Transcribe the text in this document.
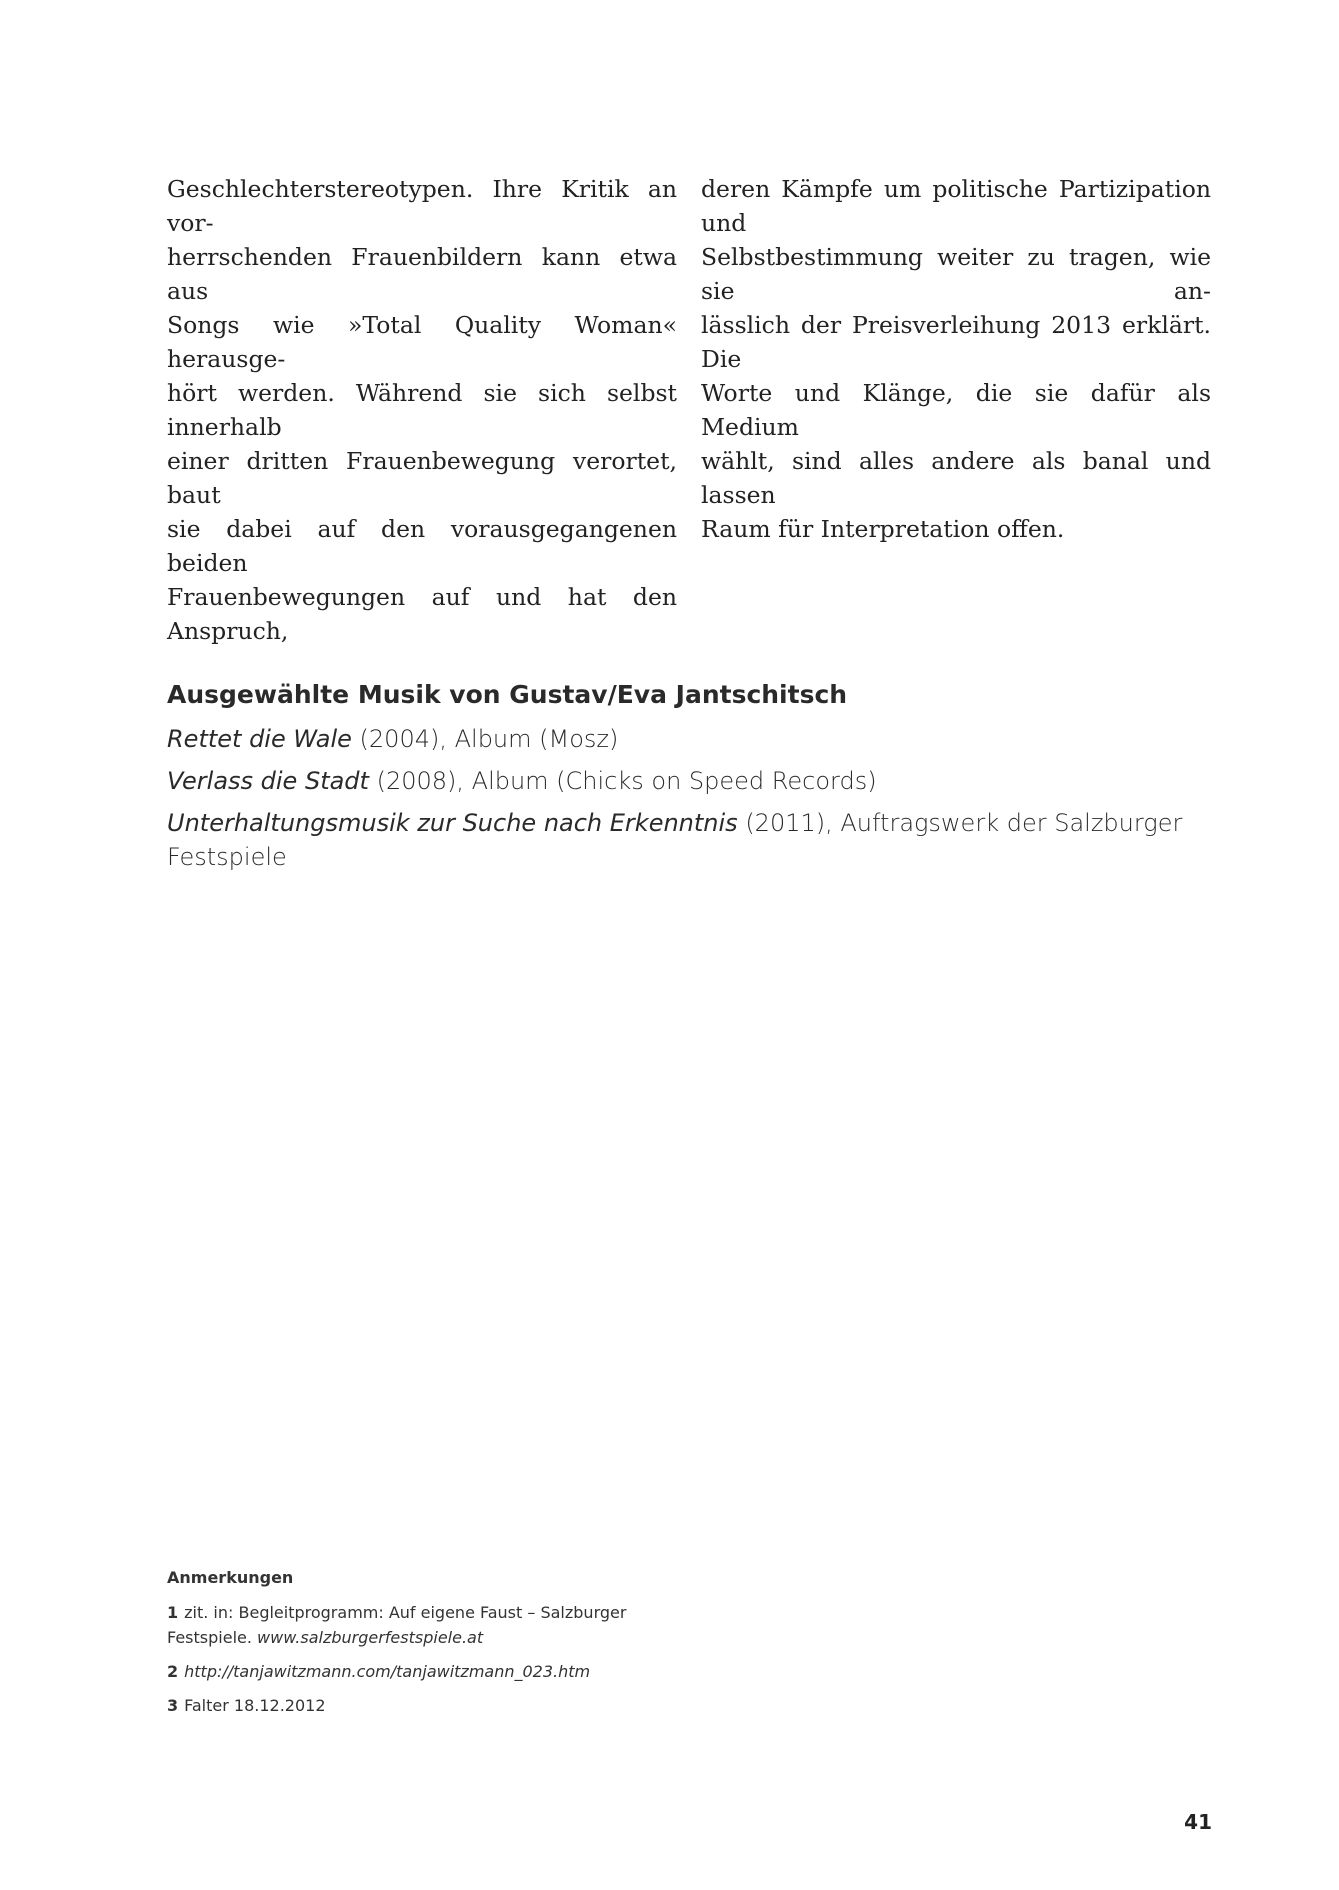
Geschlechterstereotypen. Ihre Kritik an vor-
herrschenden Frauenbildern kann etwa aus
Songs wie »Total Quality Woman« herausge-
hört werden. Während sie sich selbst innerhalb
einer dritten Frauenbewegung verortet, baut
sie dabei auf den vorausgegangenen beiden
Frauenbewegungen auf und hat den Anspruch,
deren Kämpfe um politische Partizipation und
Selbstbestimmung weiter zu tragen, wie sie an-
lässlich der Preisverleihung 2013 erklärt. Die
Worte und Klänge, die sie dafür als Medium
wählt, sind alles andere als banal und lassen
Raum für Interpretation offen.
Ausgewählte Musik von Gustav/Eva Jantschitsch
Rettet die Wale (2004), Album (Mosz)
Verlass die Stadt (2008), Album (Chicks on Speed Records)
Unterhaltungsmusik zur Suche nach Erkenntnis (2011), Auftragswerk der Salzburger Festspiele
Anmerkungen
1 zit. in: Begleitprogramm: Auf eigene Faust – Salzburger Festspiele. www.salzburgerfestspiele.at
2 http://tanjawitzmann.com/tanjawitzmann_023.htm
3 Falter 18.12.2012
41
